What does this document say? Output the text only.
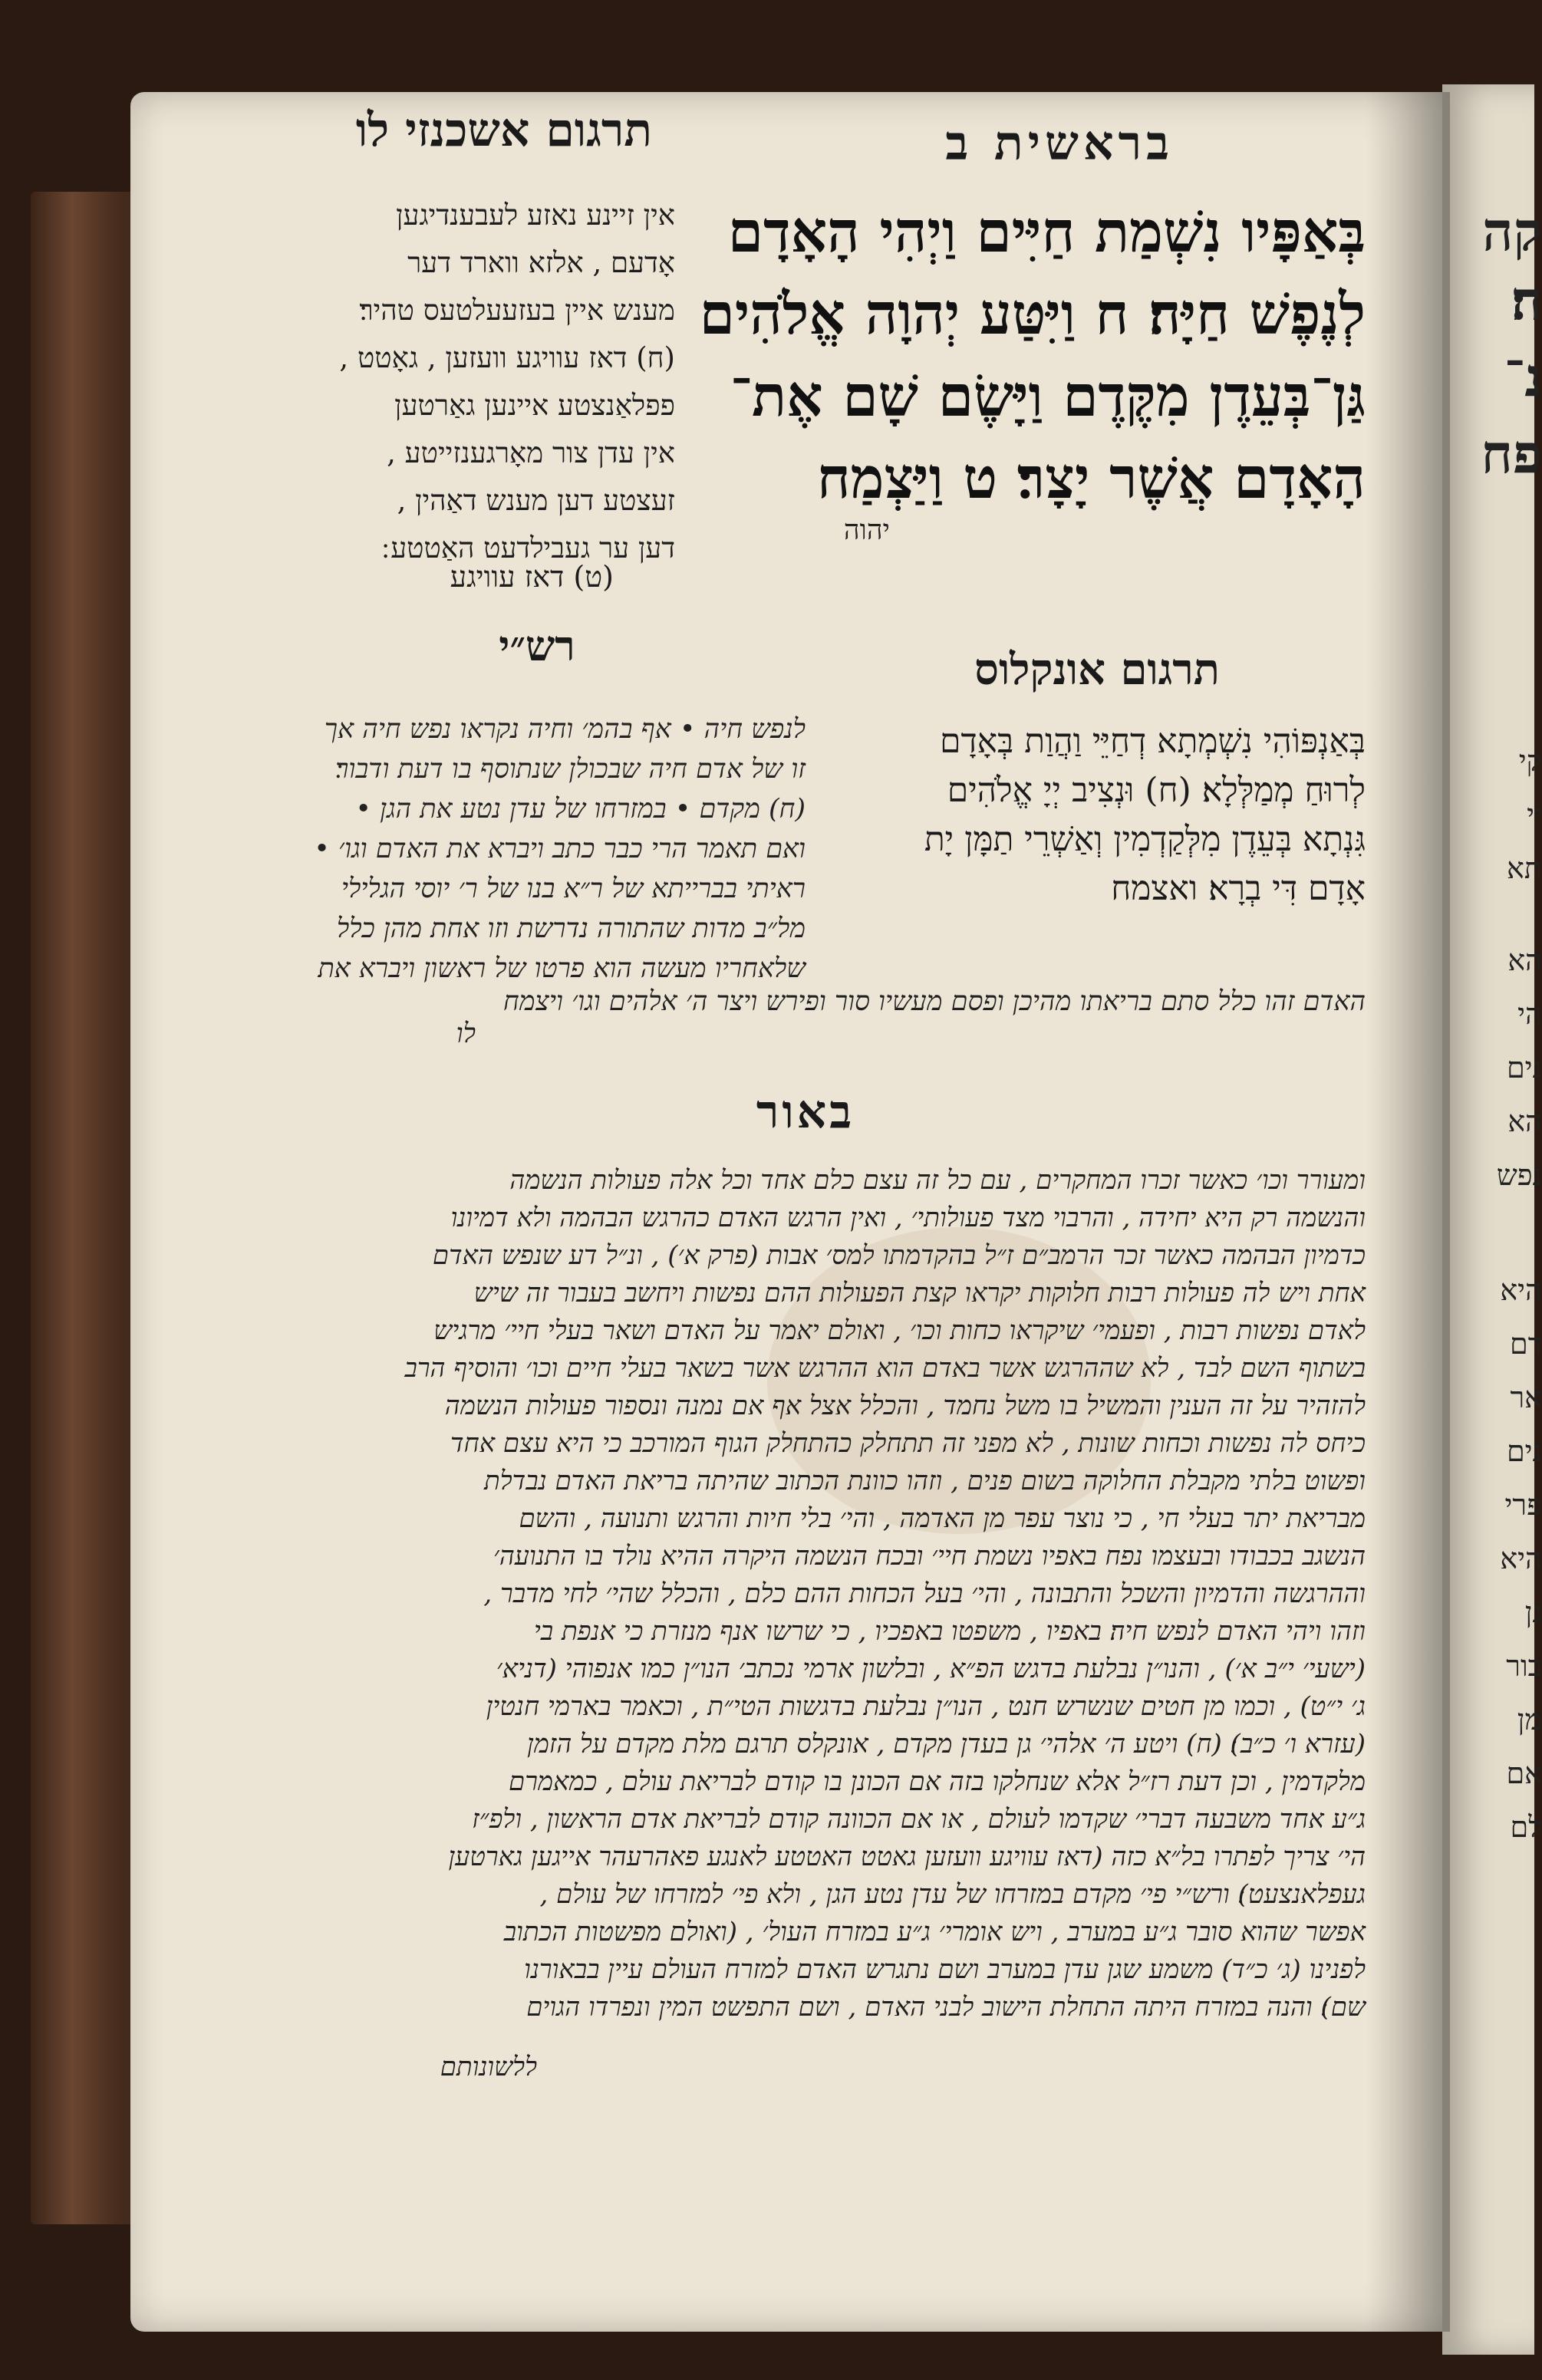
קה
ה׃
נ־
פח
קי
יי
תא
הא
הי
נים
הא
נפש
היא
דם
אר
נים
פרי
היא
גן
בור
מן
אם
לם
תרגום אשכנזי לו	בראשית ב
בְּאַפָּיו נִשְׁמַת חַיִּים וַיְהִי הָאָדָם
לְנֶפֶשׁ חַיָּה׃ ח וַיִּטַּע יְהוָה אֱלֹהִים
גַּן־בְּעֵדֶן מִקֶּדֶם וַיָּשֶׂם שָׁם אֶת־
הָאָדָם אֲשֶׁר יָצָר׃ ט וַיַּצְמַח
יהוה
אין זיינע נאזע לעבענדיגען
אָדעם , אלזא ווארד דער
מענש איין בעזעעלטעס טהיר׃
(ח) דאז עוויגע וועזען , גאָטט ,
פפלאַנצטע איינען גאַרטען
אין עדן צור מאָרגענזייטע ,
זעצטע דען מענש דאַהין ,
דען ער געבילדעט האַטטע ׃
(ט) דאז עוויגע
רש״י	תרגום אונקלוס
לנפש חיה • אף בהמ׳ וחיה נקראו נפש חיה אך
זו של אדם חיה שבכולן שנתוסף בו דעת ודבור׃
(ח) מקדם • במזרחו של עדן נטע את הגן •
ואם תאמר הרי כבר כתב ויברא את האדם וגו׳ •
ראיתי בברייתא של ר״א בנו של ר׳ יוסי הגלילי
מל״ב מדות שהתורה נדרשת וזו אחת מהן כלל
שלאחריו מעשה הוא פרטו של ראשון ויברא את
בְּאַנְפּוֹהִי נִשְׁמְתָא דְחַיֵּי וַהֲוַת בְּאָדָם
לְרוּחַ מְמַלְּלָא׃ (ח) וּנְצִיב יְיָ אֱלֹהִים
גִּנְתָא בְּעֵדֶן מִלְּקַדְמִין וְאַשְׁרֵי תַמָּן יָת
אָדָם דִּי בְרָא׃ ואצמח
האדם זהו כלל סתם בריאתו מהיכן ופסם מעשיו סור ופירש ויצר ה׳ אלהים וגו׳ ויצמח
לו
באור
ומעורר וכו׳ כאשר זכרו המחקרים , עם כל זה עצם כלם אחד וכל אלה פעולות הנשמה
והנשמה רק היא יחידה , והרבוי מצד פעולותי׳ , ואין הרגש האדם כהרגש הבהמה ולא דמיונו
כדמיון הבהמה כאשר זכר הרמב״ם ז״ל בהקדמתו למס׳ אבות (פרק א׳) , ונ״ל דע שנפש האדם
אחת ויש לה פעולות רבות חלוקות יקראו קצת הפעולות ההם נפשות ויחשב בעבור זה שיש
לאדם נפשות רבות , ופעמי׳ שיקראו כחות וכו׳ , ואולם יאמר על האדם ושאר בעלי חיי׳ מרגיש
בשתוף השם לבד , לא שההרגש אשר באדם הוא ההרגש אשר בשאר בעלי חיים וכו׳ והוסיף הרב
להזהיר על זה הענין והמשיל בו משל נחמד , והכלל אצל אף אם נמנה ונספור פעולות הנשמה
כיחס לה נפשות וכחות שונות , לא מפני זה תתחלק כהתחלק הגוף המורכב כי היא עצם אחד
ופשוט בלתי מקבלת החלוקה בשום פנים , וזהו כוונת הכתוב שהיתה בריאת האדם נבדלת
מבריאת יתר בעלי חי , כי נוצר עפר מן האדמה , והי׳ בלי חיות והרגש ותנועה , והשם
הנשגב בכבודו ובעצמו נפח באפיו נשמת חיי׳ ובכח הנשמה היקרה ההיא נולד בו התנועה׳
וההרגשה והדמיון והשכל והתבונה , והי׳ בעל הכחות ההם כלם , והכלל שהי׳ לחי מדבר ,
וזהו ויהי האדם לנפש חיה׃ באפיו , משפטו באפכיו , כי שרשו אנף מנזרת כי אנפת בי
(ישעי׳ י״ב א׳) , והנו״ן נבלעת בדגש הפ״א , ובלשון ארמי נכתב׳ הנו״ן כמו אנפוהי (דניא׳
ג׳ י״ט) , וכמו מן חטים שנשרש חנט , הנו״ן נבלעת בדגשות הטי״ת , וכאמר בארמי חנטין
(עזרא ו׳ כ״ב)׃ (ח) ויטע ה׳ אלהי׳ גן בעדן מקדם , אונקלס תרגם מלת מקדם על הזמן
מלקדמין , וכן דעת רז״ל אלא שנחלקו בזה אם הכונן בו קודם לבריאת עולם , כמאמרם
ג״ע אחד משבעה דברי׳ שקדמו לעולם , או אם הכוונה קודם לבריאת אדם הראשון , ולפ״ז
הי׳ צריך לפתרו בל״א כזה (דאז עוויגע וועזען גאטט האטטע לאנגע פאהרעהר אייגען גארטען
געפלאנצעט)׃ ורש״י פי׳ מקדם במזרחו של עדן נטע הגן , ולא פי׳ למזרחו של עולם ,
אפשר שהוא סובר ג״ע במערב , ויש אומרי׳ ג״ע במזרח העול׳ , (ואולם מפשטות הכתוב
לפנינו (ג׳ כ״ד) משמע שגן עדן במערב ושם נתגרש האדם למזרח העולם עיין בבאורנו
שם)׃ והנה במזרח היתה התחלת הישוב לבני האדם , ושם התפשט המין ונפרדו הגוים
ללשונותם
